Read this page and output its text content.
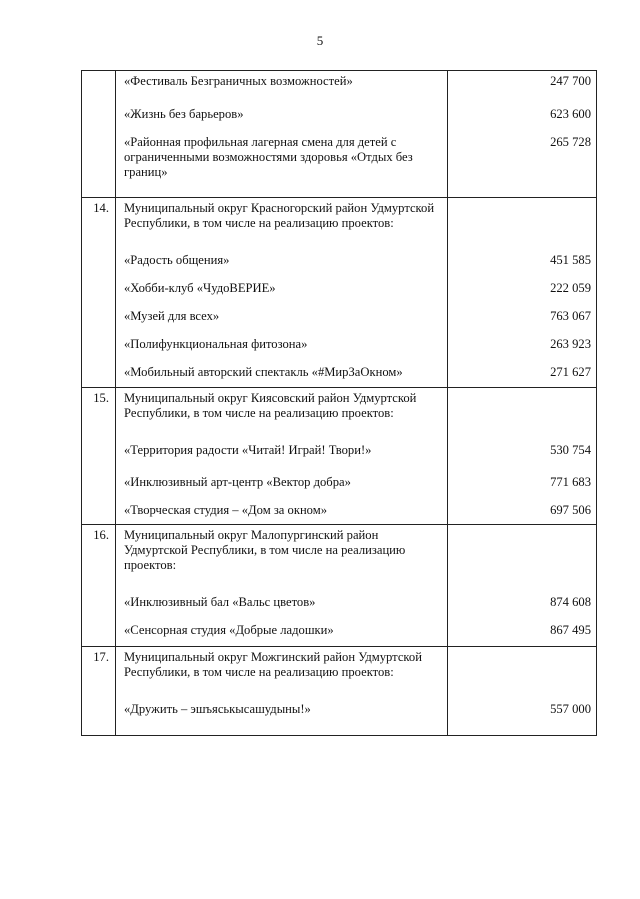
5
	«Фестиваль Безграничных возможностей»	247 700
	«Жизнь без барьеров»	623 600
	«Районная профильная лагерная смена для детей с ограниченными возможностями здоровья «Отдых без границ»	265 728
14.	Муниципальный округ Красногорский район Удмуртской Республики, в том числе на реализацию проектов:	
	«Радость общения»	451 585
	«Хобби-клуб «ЧудоВЕРИЕ»	222 059
	«Музей для всех»	763 067
	«Полифункциональная фитозона»	263 923
	«Мобильный авторский спектакль «#МирЗаОкном»	271 627
15.	Муниципальный округ Киясовский район Удмуртской Республики, в том числе на реализацию проектов:	
	«Территория радости «Читай! Играй! Твори!»	530 754
	«Инклюзивный арт-центр «Вектор добра»	771 683
	«Творческая студия – «Дом за окном»	697 506
16.	Муниципальный округ Малопургинский район Удмуртской Республики, в том числе на реализацию проектов:	
	«Инклюзивный бал «Вальс цветов»	874 608
	«Сенсорная студия «Добрые ладошки»	867 495
17.	Муниципальный округ Можгинский район Удмуртской Республики, в том числе на реализацию проектов:	
	«Дружить – эшъяськысашудыны!»	557 000
